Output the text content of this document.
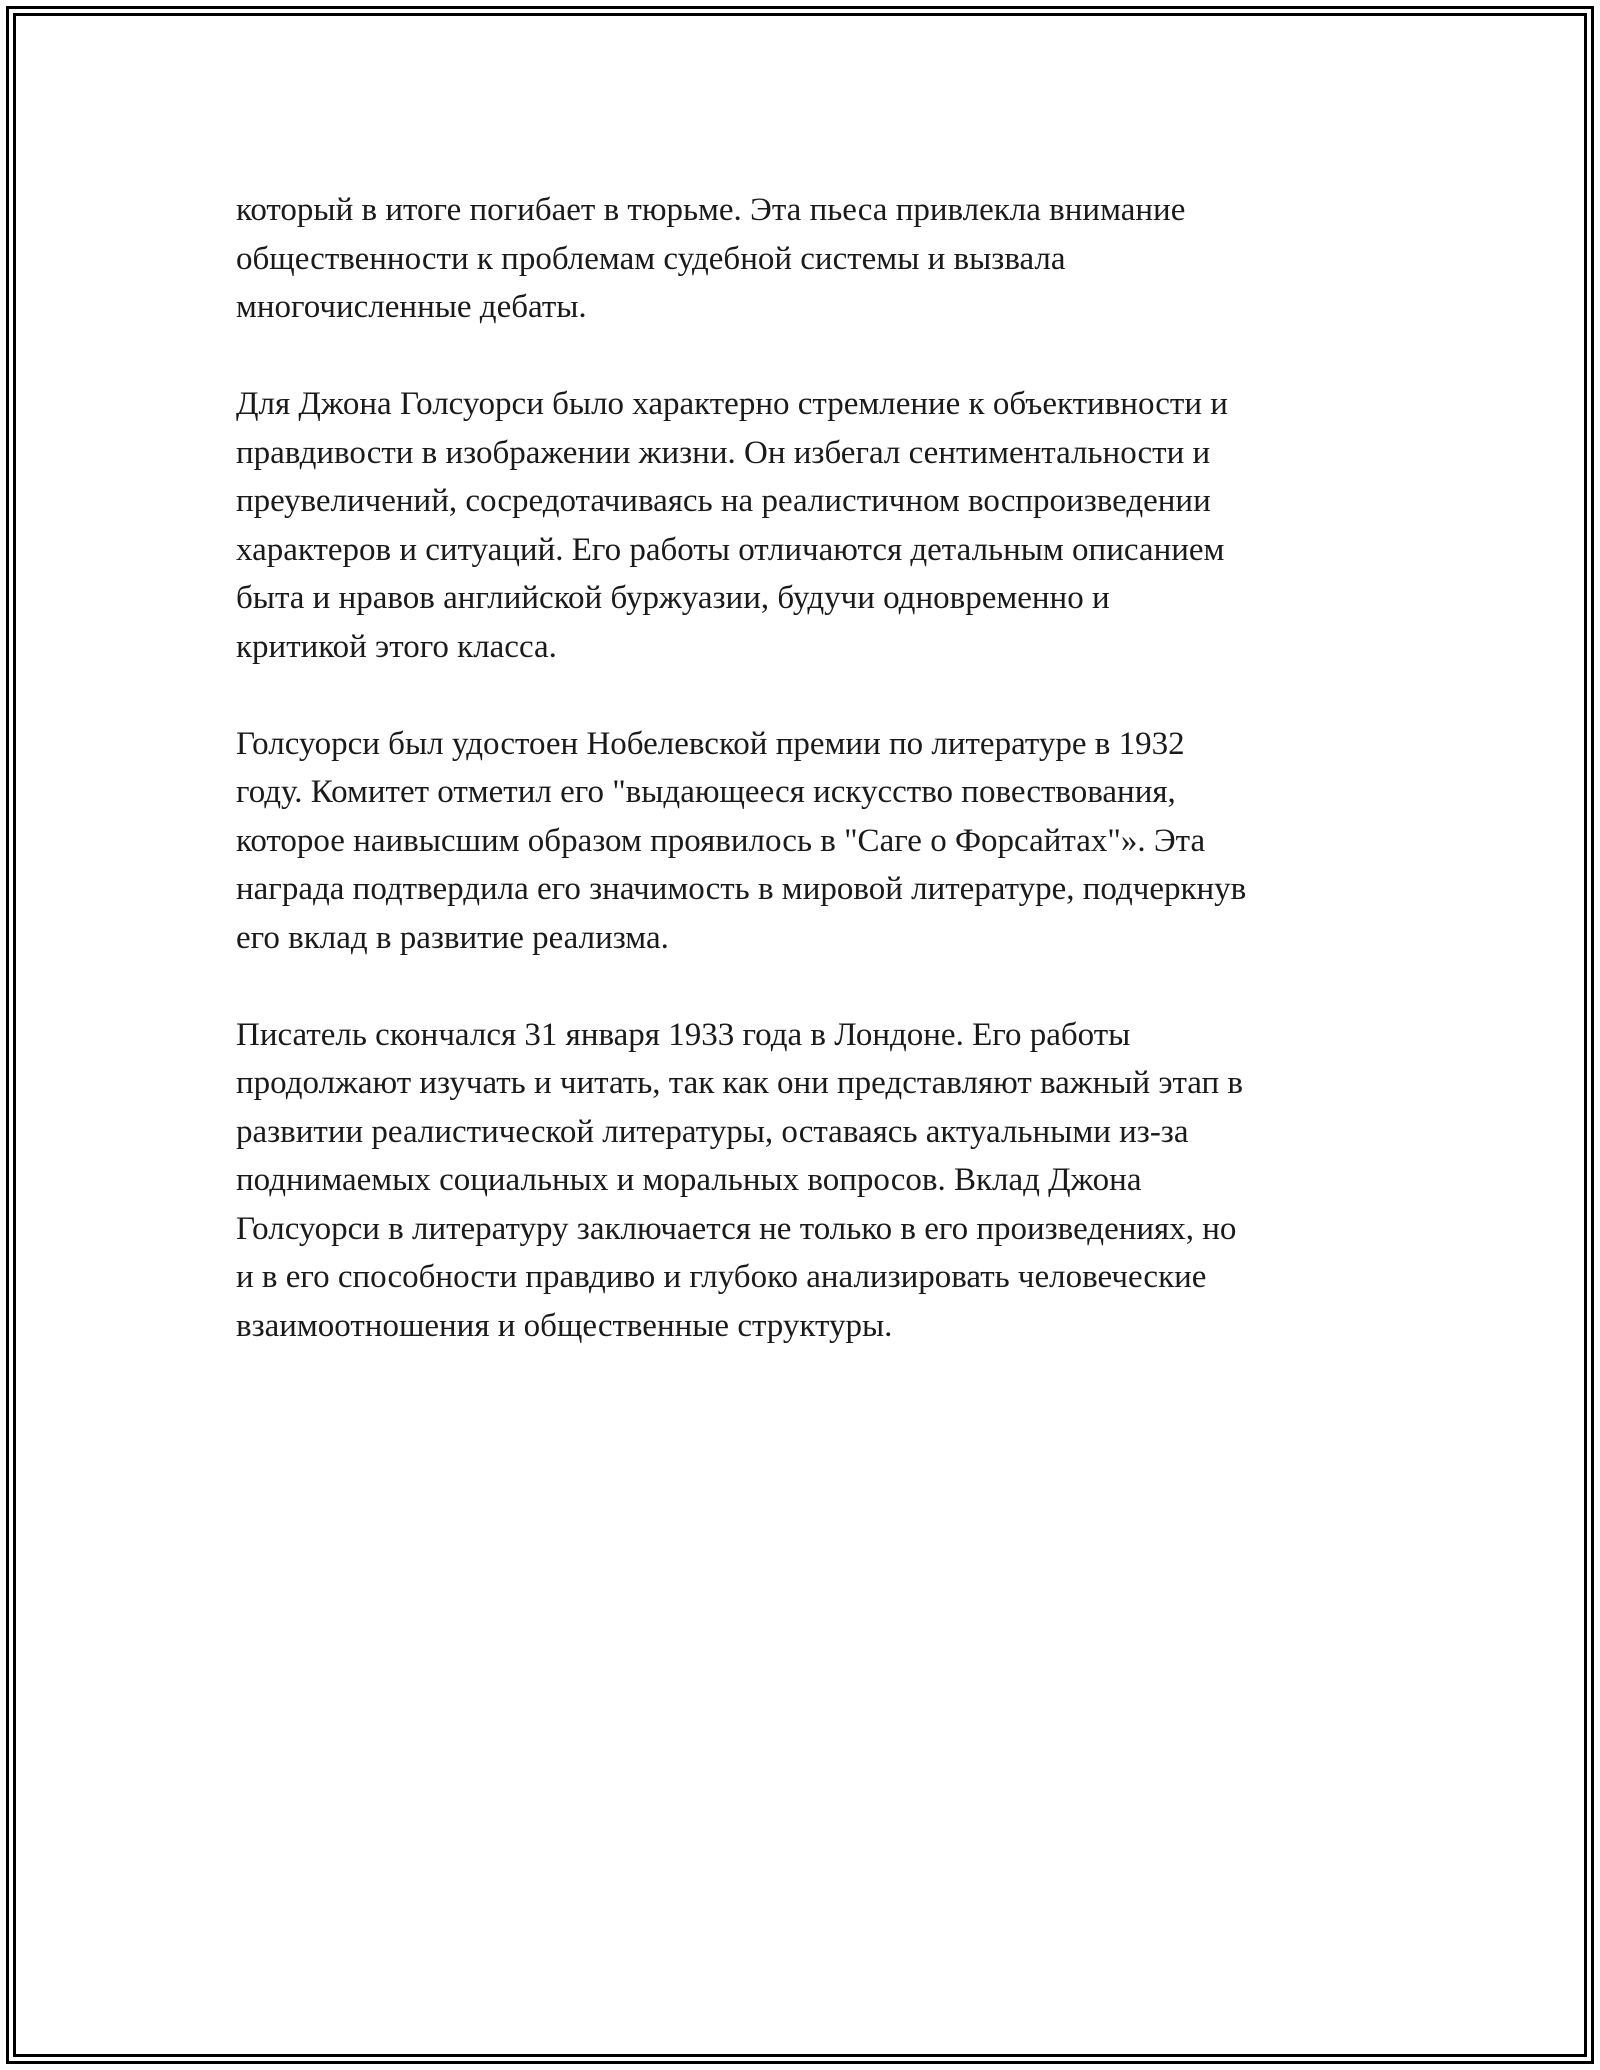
который в итоге погибает в тюрьме. Эта пьеса привлекла внимание
общественности к проблемам судебной системы и вызвала
многочисленные дебаты.

Для Джона Голсуорси было характерно стремление к объективности и
правдивости в изображении жизни. Он избегал сентиментальности и
преувеличений, сосредотачиваясь на реалистичном воспроизведении
характеров и ситуаций. Его работы отличаются детальным описанием
быта и нравов английской буржуазии, будучи одновременно и
критикой этого класса.

Голсуорси был удостоен Нобелевской премии по литературе в 1932
году. Комитет отметил его "выдающееся искусство повествования,
которое наивысшим образом проявилось в "Саге о Форсайтах"». Эта
награда подтвердила его значимость в мировой литературе, подчеркнув
его вклад в развитие реализма.

Писатель скончался 31 января 1933 года в Лондоне. Его работы
продолжают изучать и читать, так как они представляют важный этап в
развитии реалистической литературы, оставаясь актуальными из-за
поднимаемых социальных и моральных вопросов. Вклад Джона
Голсуорси в литературу заключается не только в его произведениях, но
и в его способности правдиво и глубоко анализировать человеческие
взаимоотношения и общественные структуры.
